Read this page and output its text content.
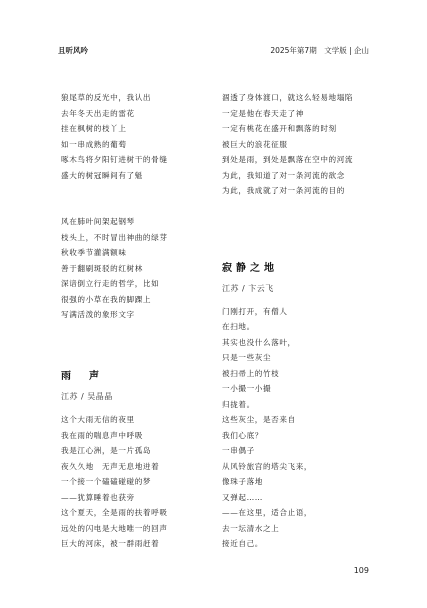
且听风吟	2025年第7期　文学版 | 企山
狼尾草的反光中，我认出
去年冬天出走的雷花
挂在枫树的枝丫上
如一串成熟的葡萄
啄木鸟将夕阳钉进树干的骨缝
盛大的树冠瞬间有了魁
风在肺叶间架起钢琴
枝头上，不时冒出神曲的绿芽
秋收季节灌满额味
善于翻刷斑驳的红树林
深谙倒立行走的哲学，比如
很强的小草在我的脚踝上
写满活泼的象形文字
雨　声
江苏 / 吴晶晶
这个大雨无信的夜里
我在雨的喘息声中呼吸
我是江心洲，是一片孤岛
夜久久地　无声无息地迸着
一个接一个磕磕碰碰的梦
——犹算睡着也获旁
这个夏天，全是雨的扶着呼吸
远处的闪电是大地唯一的回声
巨大的河床，被一群雨赶着
涸透了身体渡口，就这么轻易地塌陷
一定是他在春天走了神
一定有桃花在盛开和飘落的时刻
被巨大的浪花征服
到处是雨，到处是飘落在空中的河流
为此，我知道了对一条河流的欲念
为此，我成就了对一条河流的目的
寂静之地
江苏 / 卞云飞
门刚打开，有僧人
在扫地。
其实也没什么落叶，
只是一些灰尘
被扫帚上的竹枝
一小撮一小撮
归拢着。
这些灰尘，是否来自
我们心底？
一串偶子
从风铃旅宫的塔尖飞来，
像珠子落地
又弹起……
——在这里，适合止语，
去一坛清水之上
接近自己。
109
